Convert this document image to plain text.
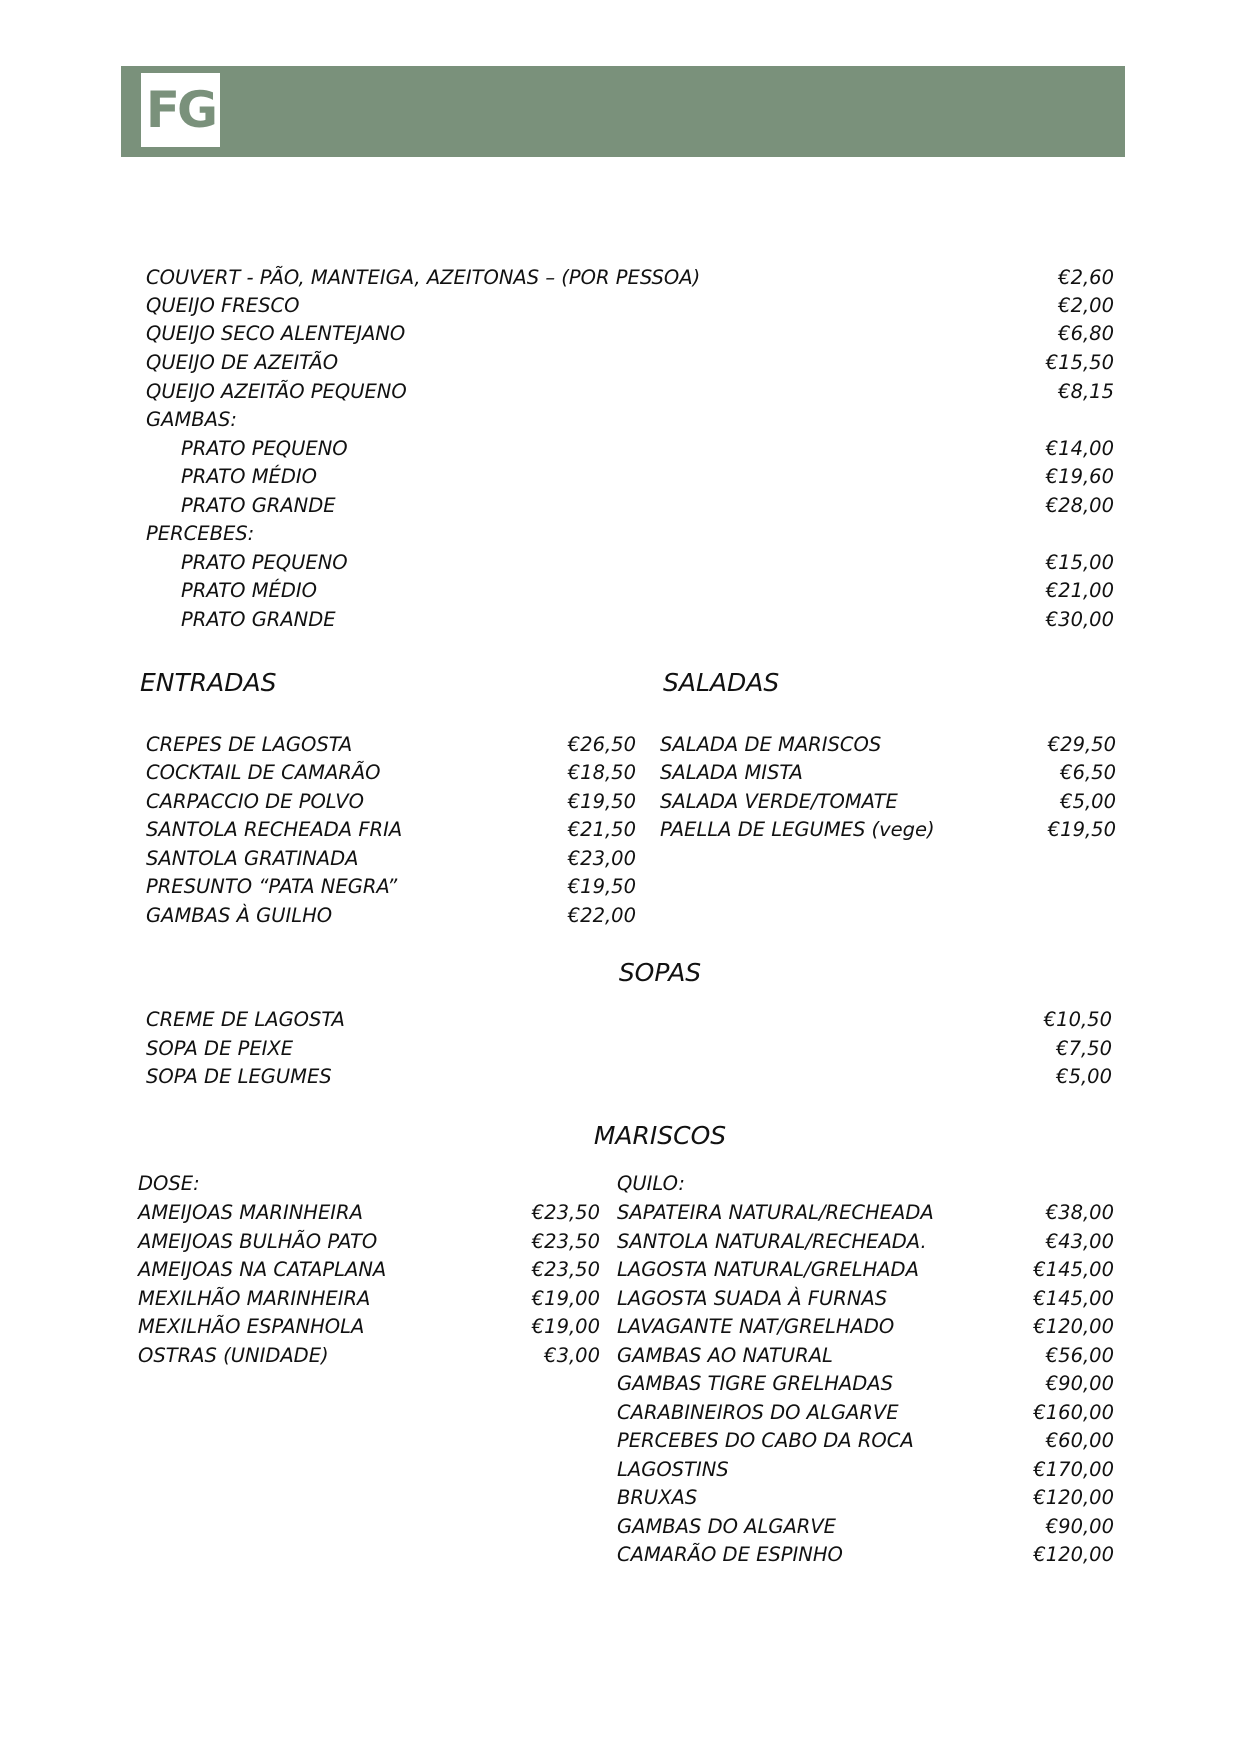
FG
COUVERT - PÃO, MANTEIGA, AZEITONAS – (POR PESSOA)	€2,60
QUEIJO FRESCO	€2,00
QUEIJO SECO ALENTEJANO	€6,80
QUEIJO DE AZEITÃO	€15,50
QUEIJO AZEITÃO PEQUENO	€8,15
GAMBAS:
PRATO PEQUENO	€14,00
PRATO MÉDIO	€19,60
PRATO GRANDE	€28,00
PERCEBES:
PRATO PEQUENO	€15,00
PRATO MÉDIO	€21,00
PRATO GRANDE	€30,00
ENTRADAS	SALADAS
CREPES DE LAGOSTA	€26,50
COCKTAIL DE CAMARÃO	€18,50
CARPACCIO DE POLVO	€19,50
SANTOLA RECHEADA FRIA	€21,50
SANTOLA GRATINADA	€23,00
PRESUNTO “PATA NEGRA”	€19,50
GAMBAS À GUILHO	€22,00
SALADA DE MARISCOS	€29,50
SALADA MISTA	€6,50
SALADA VERDE/TOMATE	€5,00
PAELLA DE LEGUMES (vege)	€19,50
SOPAS
CREME DE LAGOSTA	€10,50
SOPA DE PEIXE	€7,50
SOPA DE LEGUMES	€5,00
MARISCOS
DOSE:
AMEIJOAS MARINHEIRA	€23,50
AMEIJOAS BULHÃO PATO	€23,50
AMEIJOAS NA CATAPLANA	€23,50
MEXILHÃO MARINHEIRA	€19,00
MEXILHÃO ESPANHOLA	€19,00
OSTRAS (UNIDADE)	€3,00
QUILO:
SAPATEIRA NATURAL/RECHEADA	€38,00
SANTOLA NATURAL/RECHEADA.	€43,00
LAGOSTA NATURAL/GRELHADA	€145,00
LAGOSTA SUADA À FURNAS	€145,00
LAVAGANTE NAT/GRELHADO	€120,00
GAMBAS AO NATURAL	€56,00
GAMBAS TIGRE GRELHADAS	€90,00
CARABINEIROS DO ALGARVE	€160,00
PERCEBES DO CABO DA ROCA	€60,00
LAGOSTINS	€170,00
BRUXAS	€120,00
GAMBAS DO ALGARVE	€90,00
CAMARÃO DE ESPINHO	€120,00
